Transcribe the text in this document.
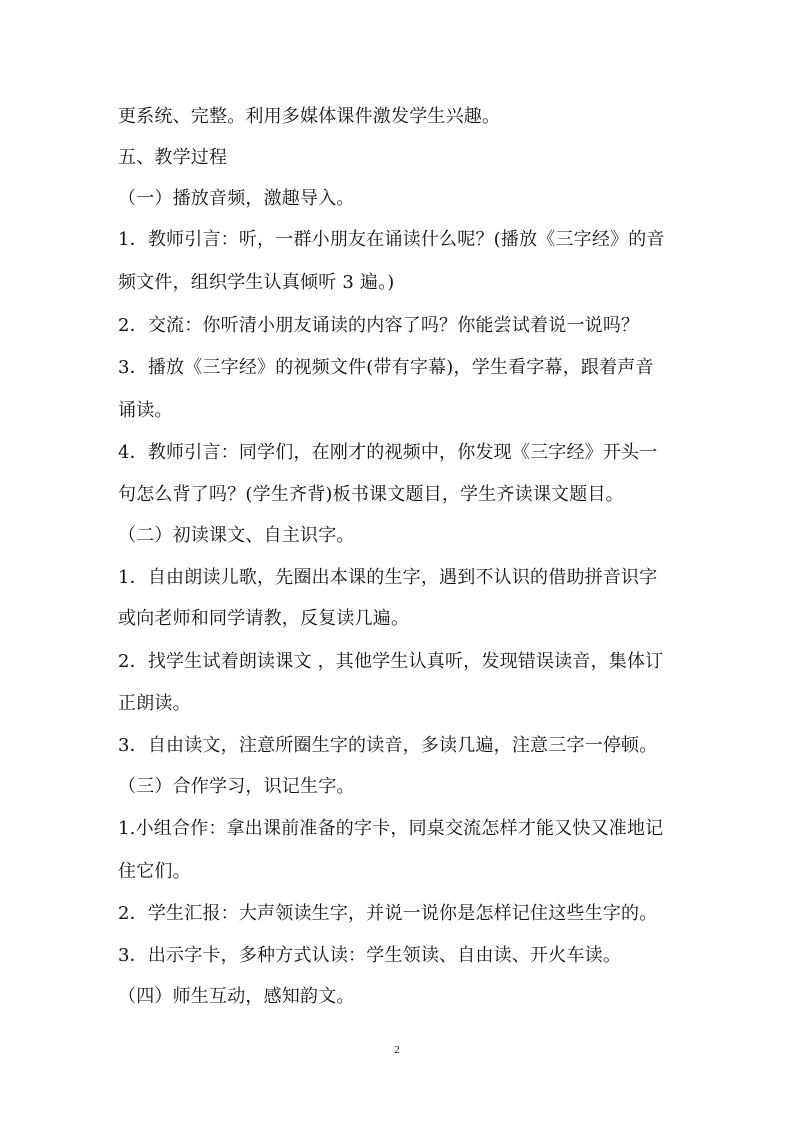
更系统、完整。利用多媒体课件激发学生兴趣。
五、教学过程
（一）播放音频，激趣导入。
1．教师引言：听，一群小朋友在诵读什么呢？(播放《三字经》的音
频文件，组织学生认真倾听 3 遍。)
2．交流：你听清小朋友诵读的内容了吗？你能尝试着说一说吗？
3．播放《三字经》的视频文件(带有字幕)，学生看字幕，跟着声音
诵读。
4．教师引言：同学们，在刚才的视频中，你发现《三字经》开头一
句怎么背了吗？(学生齐背)板书课文题目，学生齐读课文题目。
（二）初读课文、自主识字。
1．自由朗读儿歌，先圈出本课的生字，遇到不认识的借助拼音识字
或向老师和同学请教，反复读几遍。
2．找学生试着朗读课文 ，其他学生认真听，发现错误读音，集体订
正朗读。
3．自由读文，注意所圈生字的读音，多读几遍，注意三字一停顿。
（三）合作学习，识记生字。
1.小组合作：拿出课前准备的字卡，同桌交流怎样才能又快又准地记
住它们。
2．学生汇报：大声领读生字，并说一说你是怎样记住这些生字的。
3．出示字卡，多种方式认读：学生领读、自由读、开火车读。
（四）师生互动，感知韵文。
2
